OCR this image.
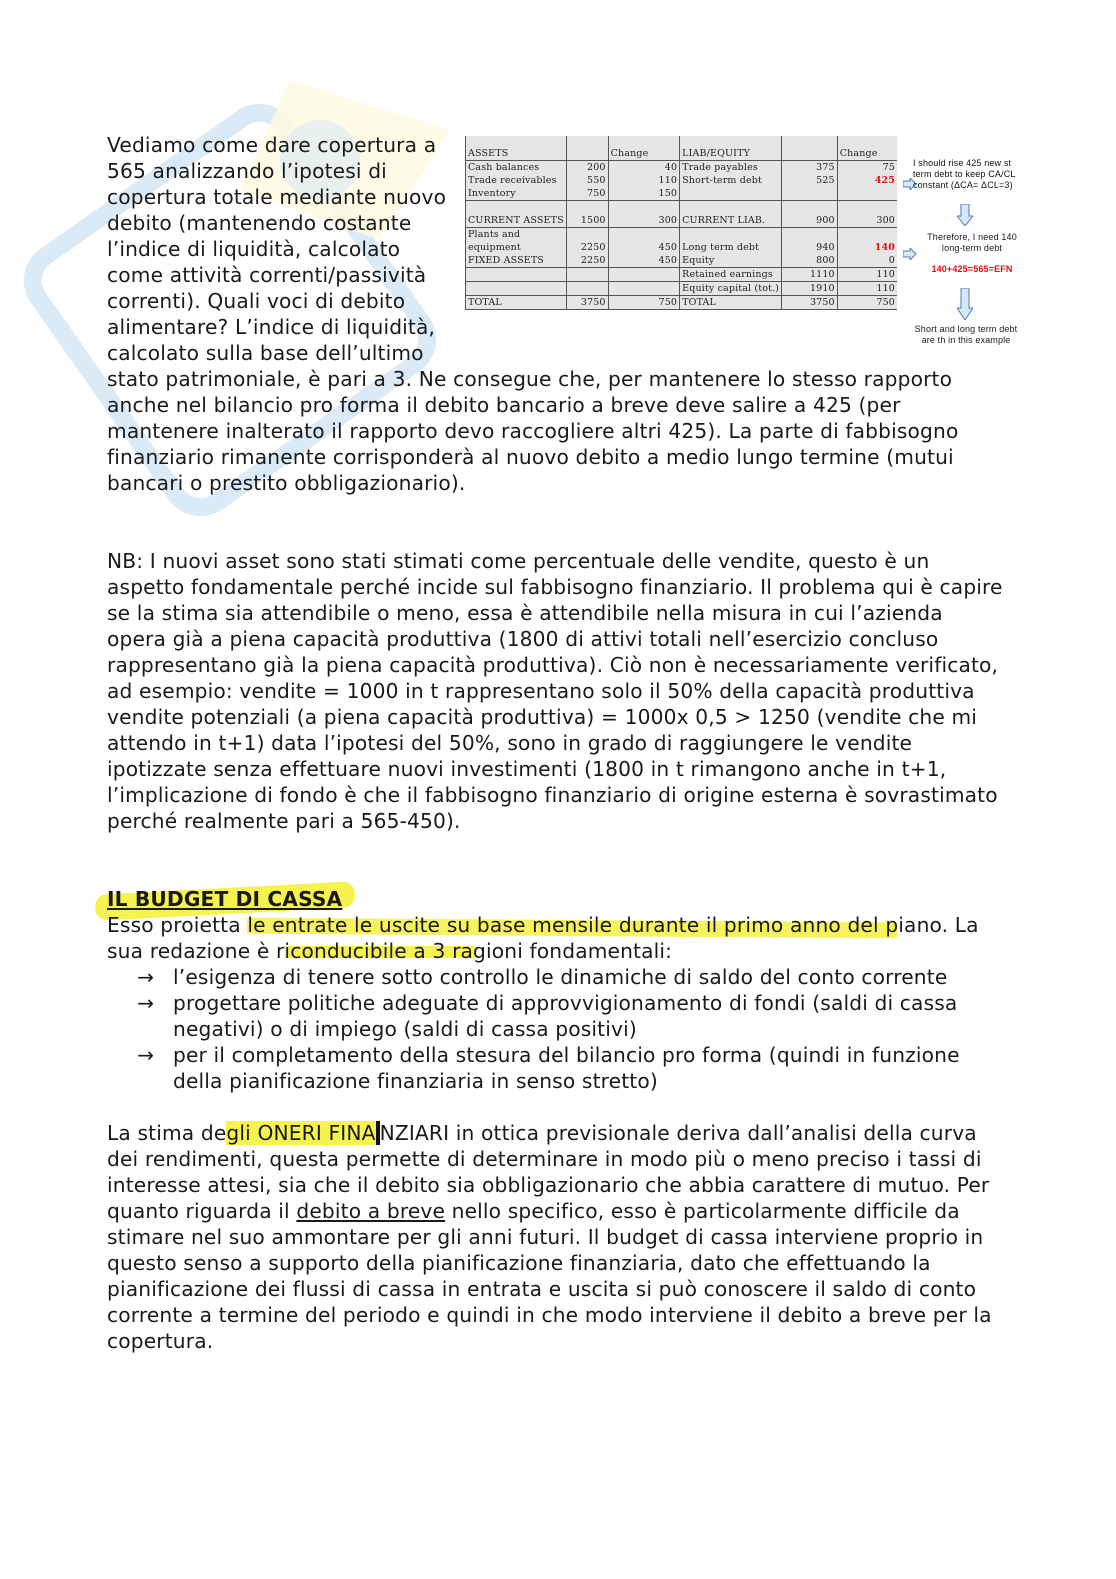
ASSETS		Change	LIAB/EQUITY		Change
Cash balances	200	40	Trade payables	375	75
Trade receivables	550	110	Short-term debt	525	425
Inventory	750	150			

CURRENT ASSETS	1500	300	CURRENT LIAB.	900	300
Plants and					
equipment	2250	450	Long term debt	940	140
FIXED ASSETS	2250	450	Equity	800	0
			Retained earnings	1110	110
			Equity capital (tot.)	1910	110
TOTAL	3750	750	TOTAL	3750	750
I should rise 425 new st term debt to keep CA/CL constant (ΔCA= ΔCL=3)
Therefore, I need 140 long-term debt
140+425=565=EFN
Short and long term debt are th in this example

Vediamo come dare copertura a 565 analizzando l’ipotesi di copertura totale mediante nuovo debito (mantenendo costante l’indice di liquidità, calcolato come attività correnti/passività correnti). Quali voci di debito alimentare? L’indice di liquidità, calcolato sulla base dell’ultimo stato patrimoniale, è pari a 3. Ne consegue che, per mantenere lo stesso rapporto anche nel bilancio pro forma il debito bancario a breve deve salire a 425 (per mantenere inalterato il rapporto devo raccogliere altri 425). La parte di fabbisogno finanziario rimanente corrisponderà al nuovo debito a medio lungo termine (mutui bancari o prestito obbligazionario).

NB: I nuovi asset sono stati stimati come percentuale delle vendite, questo è un aspetto fondamentale perché incide sul fabbisogno finanziario. Il problema qui è capire se la stima sia attendibile o meno, essa è attendibile nella misura in cui l’azienda opera già a piena capacità produttiva (1800 di attivi totali nell’esercizio concluso rappresentano già la piena capacità produttiva). Ciò non è necessariamente verificato, ad esempio: vendite = 1000 in t rappresentano solo il 50% della capacità produttiva vendite potenziali (a piena capacità produttiva) = 1000x 0,5 > 1250 (vendite che mi attendo in t+1) data l’ipotesi del 50%, sono in grado di raggiungere le vendite ipotizzate senza effettuare nuovi investimenti (1800 in t rimangono anche in t+1, l’implicazione di fondo è che il fabbisogno finanziario di origine esterna è sovrastimato perché realmente pari a 565-450).

IL BUDGET DI CASSA

Esso proietta le entrate le uscite su base mensile durante il primo anno del piano. La sua redazione è riconducibile a 3 ragioni fondamentali:

→ l’esigenza di tenere sotto controllo le dinamiche di saldo del conto corrente
→ progettare politiche adeguate di approvvigionamento di fondi (saldi di cassa negativi) o di impiego (saldi di cassa positivi)
→ per il completamento della stesura del bilancio pro forma (quindi in funzione della pianificazione finanziaria in senso stretto)

La stima degli ONERI FINA NZIARI in ottica previsionale deriva dall’analisi della curva dei rendimenti, questa permette di determinare in modo più o meno preciso i tassi di interesse attesi, sia che il debito sia obbligazionario che abbia carattere di mutuo. Per quanto riguarda il debito a breve nello specifico, esso è particolarmente difficile da stimare nel suo ammontare per gli anni futuri. Il budget di cassa interviene proprio in questo senso a supporto della pianificazione finanziaria, dato che effettuando la pianificazione dei flussi di cassa in entrata e uscita si può conoscere il saldo di conto corrente a termine del periodo e quindi in che modo interviene il debito a breve per la copertura.
